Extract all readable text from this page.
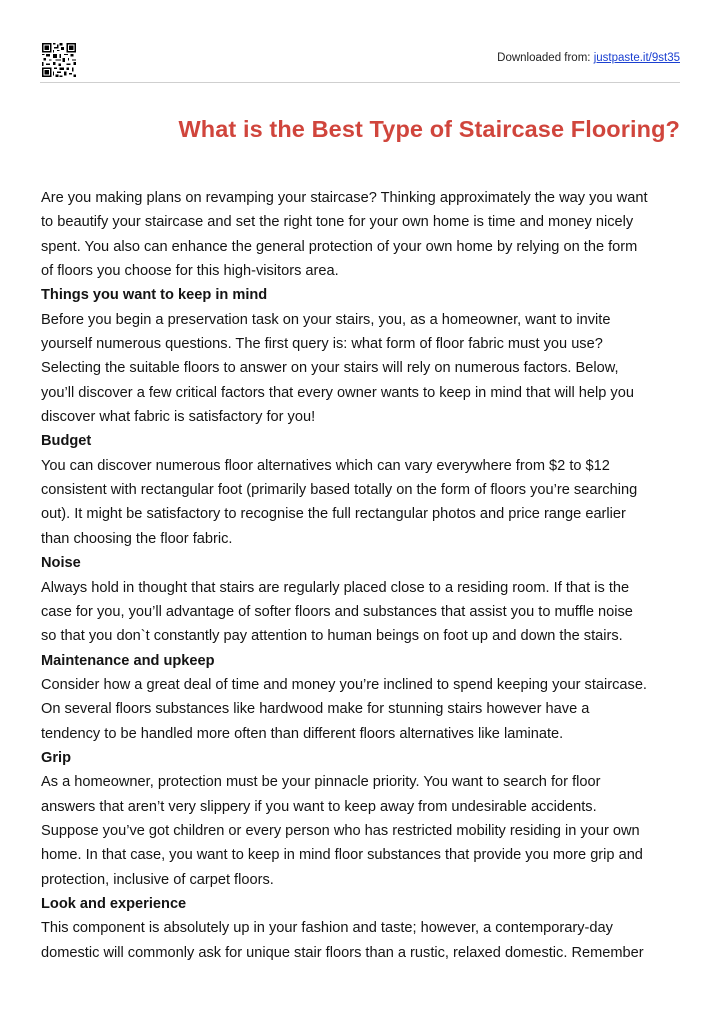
Downloaded from: justpaste.it/9st35
What is the Best Type of Staircase Flooring?

Are you making plans on revamping your staircase? Thinking approximately the way you want
to beautify your staircase and set the right tone for your own home is time and money nicely
spent. You also can enhance the general protection of your own home by relying on the form
of floors you choose for this high-visitors area.

Things you want to keep in mind

Before you begin a preservation task on your stairs, you, as a homeowner, want to invite
yourself numerous questions. The first query is: what form of floor fabric must you use?
Selecting the suitable floors to answer on your stairs will rely on numerous factors. Below,
you’ll discover a few critical factors that every owner wants to keep in mind that will help you
discover what fabric is satisfactory for you!

Budget

You can discover numerous floor alternatives which can vary everywhere from $2 to $12
consistent with rectangular foot (primarily based totally on the form of floors you’re searching
out). It might be satisfactory to recognise the full rectangular photos and price range earlier
than choosing the floor fabric.

Noise

Always hold in thought that stairs are regularly placed close to a residing room. If that is the
case for you, you’ll advantage of softer floors and substances that assist you to muffle noise
so that you don`t constantly pay attention to human beings on foot up and down the stairs.

Maintenance and upkeep

Consider how a great deal of time and money you’re inclined to spend keeping your staircase.
On several floors substances like hardwood make for stunning stairs however have a
tendency to be handled more often than different floors alternatives like laminate.

Grip

As a homeowner, protection must be your pinnacle priority. You want to search for floor
answers that aren’t very slippery if you want to keep away from undesirable accidents.
Suppose you’ve got children or every person who has restricted mobility residing in your own
home. In that case, you want to keep in mind floor substances that provide you more grip and
protection, inclusive of carpet floors.

Look and experience

This component is absolutely up in your fashion and taste; however, a contemporary-day
domestic will commonly ask for unique stair floors than a rustic, relaxed domestic. Remember
